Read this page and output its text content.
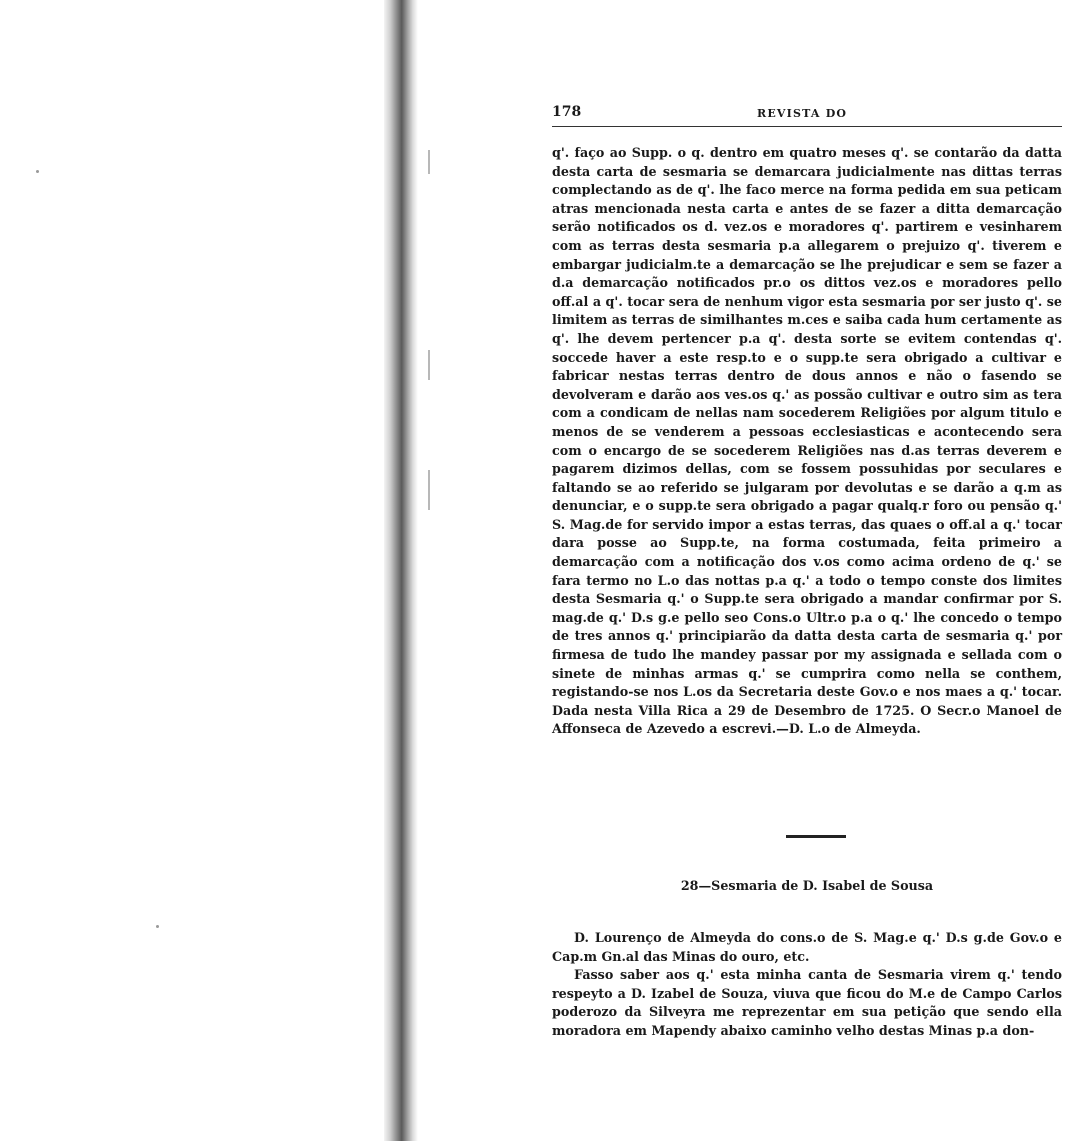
178	REVISTA DO

q'. faço ao Supp. o q. dentro em quatro meses q'. se contarão da datta desta carta de sesmaria se demarcara judicialmente nas dittas terras complectando as de q'. lhe faco merce na forma pedida em sua peticam atras mencionada nesta carta e antes de se fazer a ditta demarcação serão notificados os d. vez.os e moradores q'. partirem e vesinharem com as terras desta sesmaria p.a allegarem o prejuizo q'. tiverem e embargar judicialm.te a demarcação se lhe prejudicar e sem se fazer a d.a demarcação notificados pr.o os dittos vez.os e moradores pello off.al a q'. tocar sera de nenhum vigor esta sesmaria por ser justo q'. se limitem as terras de similhantes m.ces e saiba cada hum certamente as q'. lhe devem pertencer p.a q'. desta sorte se evitem contendas q'. soccede haver a este resp.to e o supp.te sera obrigado a cultivar e fabricar nestas terras dentro de dous annos e não o fasendo se devolveram e darão aos ves.os q.' as possão cultivar e outro sim as tera com a condicam de nellas nam socederem Religiões por algum titulo e menos de se venderem a pessoas ecclesiasticas e acontecendo sera com o encargo de se socederem Religiões nas d.as terras deverem e pagarem dizimos dellas, com se fossem possuhidas por seculares e faltando se ao referido se julgaram por devolutas e se darão a q.m as denunciar, e o supp.te sera obrigado a pagar qualq.r foro ou pensão q.' S. Mag.de for servido impor a estas terras, das quaes o off.al a q.' tocar dara posse ao Supp.te, na forma costumada, feita primeiro a demarcação com a notificação dos v.os como acima ordeno de q.' se fara termo no L.o das nottas p.a q.' a todo o tempo conste dos limites desta Sesmaria q.' o Supp.te sera obrigado a mandar confirmar por S. mag.de q.' D.s g.e pello seo Cons.o Ultr.o p.a o q.' lhe concedo o tempo de tres annos q.' principiarão da datta desta carta de sesmaria q.' por firmesa de tudo lhe mandey passar por my assignada e sellada com o sinete de minhas armas q.' se cumprira como nella se conthem, registando-se nos L.os da Secretaria deste Gov.o e nos maes a q.' tocar. Dada nesta Villa Rica a 29 de Desembro de 1725. O Secr.o Manoel de Affonseca de Azevedo a escrevi.—D. L.o de Almeyda.

28—Sesmaria de D. Isabel de Sousa

D. Lourenço de Almeyda do cons.o de S. Mag.e q.' D.s g.de Gov.o e Cap.m Gn.al das Minas do ouro, etc.

Fasso saber aos q.' esta minha canta de Sesmaria virem q.' tendo respeyto a D. Izabel de Souza, viuva que ficou do M.e de Campo Carlos poderozo da Silveyra me reprezentar em sua petição que sendo ella moradora em Mapendy abaixo caminho velho destas Minas p.a don-
